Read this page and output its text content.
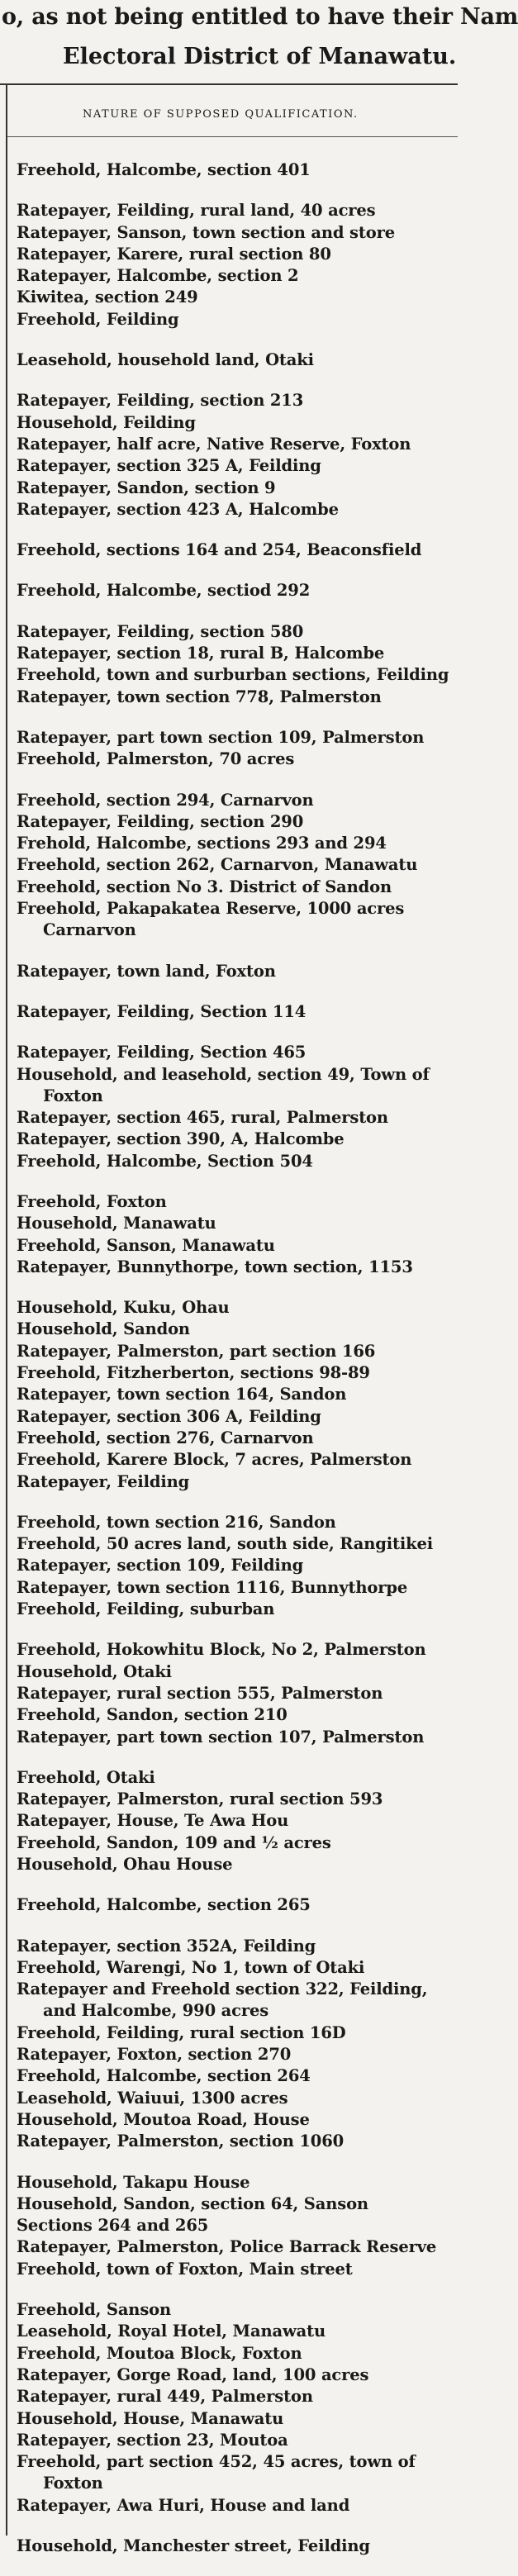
o, as not being entitled to have their Nam
Electoral District of Manawatu.
NATURE OF SUPPOSED QUALIFICATION.
Freehold, Halcombe, section 401
Ratepayer, Feilding, rural land, 40 acres
Ratepayer, Sanson, town section and store
Ratepayer, Karere, rural section 80
Ratepayer, Halcombe, section 2
Kiwitea, section 249
Freehold, Feilding
Leasehold, household land, Otaki
Ratepayer, Feilding, section 213
Household, Feilding
Ratepayer, half acre, Native Reserve, Foxton
Ratepayer, section 325 A, Feilding
Ratepayer, Sandon, section 9
Ratepayer, section 423 A, Halcombe
Freehold, sections 164 and 254, Beaconsfield
Freehold, Halcombe, sectiod 292
Ratepayer, Feilding, section 580
Ratepayer, section 18, rural B, Halcombe
Freehold, town and surburban sections, Feilding
Ratepayer, town section 778, Palmerston
Ratepayer, part town section 109, Palmerston
Freehold, Palmerston, 70 acres
Freehold, section 294, Carnarvon
Ratepayer, Feilding, section 290
Frehold, Halcombe, sections 293 and 294
Freehold, section 262, Carnarvon, Manawatu
Freehold, section No 3. District of Sandon
Freehold, Pakapakatea Reserve, 1000 acres
Carnarvon
Ratepayer, town land, Foxton
Ratepayer, Feilding, Section 114
Ratepayer, Feilding, Section 465
Household, and leasehold, section 49, Town of
Foxton
Ratepayer, section 465, rural, Palmerston
Ratepayer, section 390, A, Halcombe
Freehold, Halcombe, Section 504
Freehold, Foxton
Household, Manawatu
Freehold, Sanson, Manawatu
Ratepayer, Bunnythorpe, town section, 1153
Household, Kuku, Ohau
Household, Sandon
Ratepayer, Palmerston, part section 166
Freehold, Fitzherberton, sections 98-89
Ratepayer, town section 164, Sandon
Ratepayer, section 306 A, Feilding
Freehold, section 276, Carnarvon
Freehold, Karere Block, 7 acres, Palmerston
Ratepayer, Feilding
Freehold, town section 216, Sandon
Freehold, 50 acres land, south side, Rangitikei
Ratepayer, section 109, Feilding
Ratepayer, town section 1116, Bunnythorpe
Freehold, Feilding, suburban
Freehold, Hokowhitu Block, No 2, Palmerston
Household, Otaki
Ratepayer, rural section 555, Palmerston
Freehold, Sandon, section 210
Ratepayer, part town section 107, Palmerston
Freehold, Otaki
Ratepayer, Palmerston, rural section 593
Ratepayer, House, Te Awa Hou
Freehold, Sandon, 109 and ½ acres
Household, Ohau House
Freehold, Halcombe, section 265
Ratepayer, section 352A, Feilding
Freehold, Warengi, No 1, town of Otaki
Ratepayer and Freehold section 322, Feilding,
and Halcombe, 990 acres
Freehold, Feilding, rural section 16D
Ratepayer, Foxton, section 270
Freehold, Halcombe, section 264
Leasehold, Waiuui, 1300 acres
Household, Moutoa Road, House
Ratepayer, Palmerston, section 1060
Household, Takapu House
Household, Sandon, section 64, Sanson
Sections 264 and 265
Ratepayer, Palmerston, Police Barrack Reserve
Freehold, town of Foxton, Main street
Freehold, Sanson
Leasehold, Royal Hotel, Manawatu
Freehold, Moutoa Block, Foxton
Ratepayer, Gorge Road, land, 100 acres
Ratepayer, rural 449, Palmerston
Household, House, Manawatu
Ratepayer, section 23, Moutoa
Freehold, part section 452, 45 acres, town of
Foxton
Ratepayer, Awa Huri, House and land
Household, Manchester street, Feilding
